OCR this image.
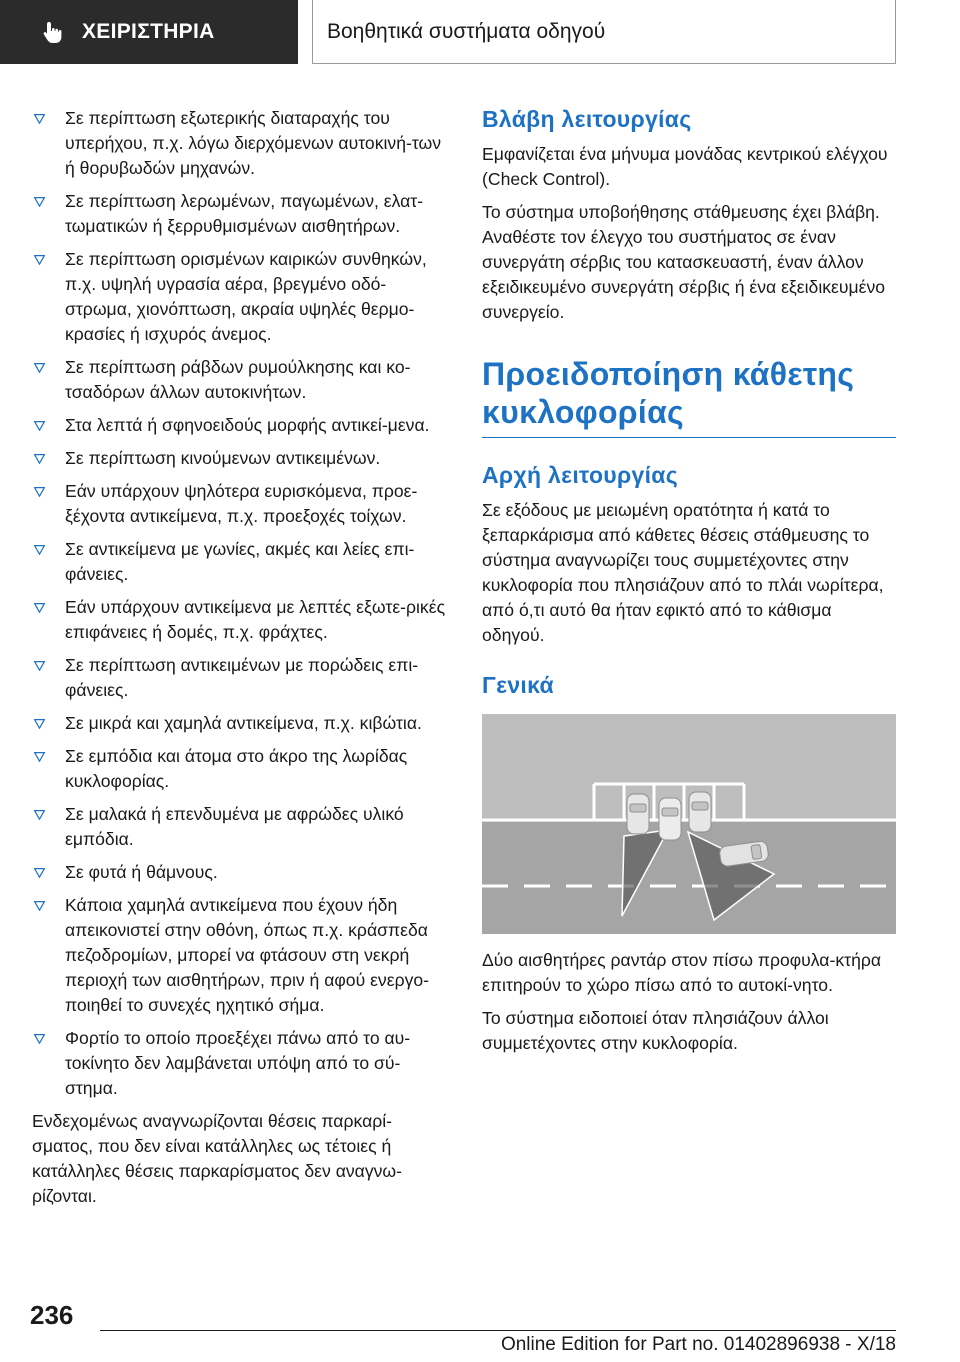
ΧΕΙΡΙΣΤΗΡΙΑ	Βοηθητικά συστήματα οδηγού
Σε περίπτωση εξωτερικής διαταραχής του υπερήχου, π.χ. λόγω διερχόμενων αυτοκινή-των ή θορυβωδών μηχανών.
Σε περίπτωση λερωμένων, παγωμένων, ελατ-τωματικών ή ξερρυθμισμένων αισθητήρων.
Σε περίπτωση ορισμένων καιρικών συνθηκών, π.χ. υψηλή υγρασία αέρα, βρεγμένο οδό-στρωμα, χιονόπτωση, ακραία υψηλές θερμο-κρασίες ή ισχυρός άνεμος.
Σε περίπτωση ράβδων ρυμούλκησης και κο-τσαδόρων άλλων αυτοκινήτων.
Στα λεπτά ή σφηνοειδούς μορφής αντικεί-μενα.
Σε περίπτωση κινούμενων αντικειμένων.
Εάν υπάρχουν ψηλότερα ευρισκόμενα, προε-ξέχοντα αντικείμενα, π.χ. προεξοχές τοίχων.
Σε αντικείμενα με γωνίες, ακμές και λείες επι-φάνειες.
Εάν υπάρχουν αντικείμενα με λεπτές εξωτε-ρικές επιφάνειες ή δομές, π.χ. φράχτες.
Σε περίπτωση αντικειμένων με πορώδεις επι-φάνειες.
Σε μικρά και χαμηλά αντικείμενα, π.χ. κιβώτια.
Σε εμπόδια και άτομα στο άκρο της λωρίδας κυκλοφορίας.
Σε μαλακά ή επενδυμένα με αφρώδες υλικό εμπόδια.
Σε φυτά ή θάμνους.
Κάποια χαμηλά αντικείμενα που έχουν ήδη απεικονιστεί στην οθόνη, όπως π.χ. κράσπεδα πεζοδρομίων, μπορεί να φτάσουν στη νεκρή περιοχή των αισθητήρων, πριν ή αφού ενεργο-ποιηθεί το συνεχές ηχητικό σήμα.
Φορτίο το οποίο προεξέχει πάνω από το αυ-τοκίνητο δεν λαμβάνεται υπόψη από το σύ-στημα.

Ενδεχομένως αναγνωρίζονται θέσεις παρκαρί-σματος, που δεν είναι κατάλληλες ως τέτοιες ή κατάλληλες θέσεις παρκαρίσματος δεν αναγνω-ρίζονται.

Βλάβη λειτουργίας

Εμφανίζεται ένα μήνυμα μονάδας κεντρικού ελέγχου (Check Control).

Το σύστημα υποβοήθησης στάθμευσης έχει βλάβη. Αναθέστε τον έλεγχο του συστήματος σε έναν συνεργάτη σέρβις του κατασκευαστή, έναν άλλον εξειδικευμένο συνεργάτη σέρβις ή ένα εξειδικευμένο συνεργείο.

Προειδοποίηση κάθετης κυκλοφορίας
Αρχή λειτουργίας

Σε εξόδους με μειωμένη ορατότητα ή κατά το ξεπαρκάρισμα από κάθετες θέσεις στάθμευσης το σύστημα αναγνωρίζει τους συμμετέχοντες στην κυκλοφορία που πλησιάζουν από το πλάι νωρίτερα, από ό,τι αυτό θα ήταν εφικτό από το κάθισμα οδηγού.

Γενικά

Δύο αισθητήρες ραντάρ στον πίσω προφυλα-κτήρα επιτηρούν το χώρο πίσω από το αυτοκί-νητο.

Το σύστημα ειδοποιεί όταν πλησιάζουν άλλοι συμμετέχοντες στην κυκλοφορία.

236
Online Edition for Part no. 01402896938 - X/18
